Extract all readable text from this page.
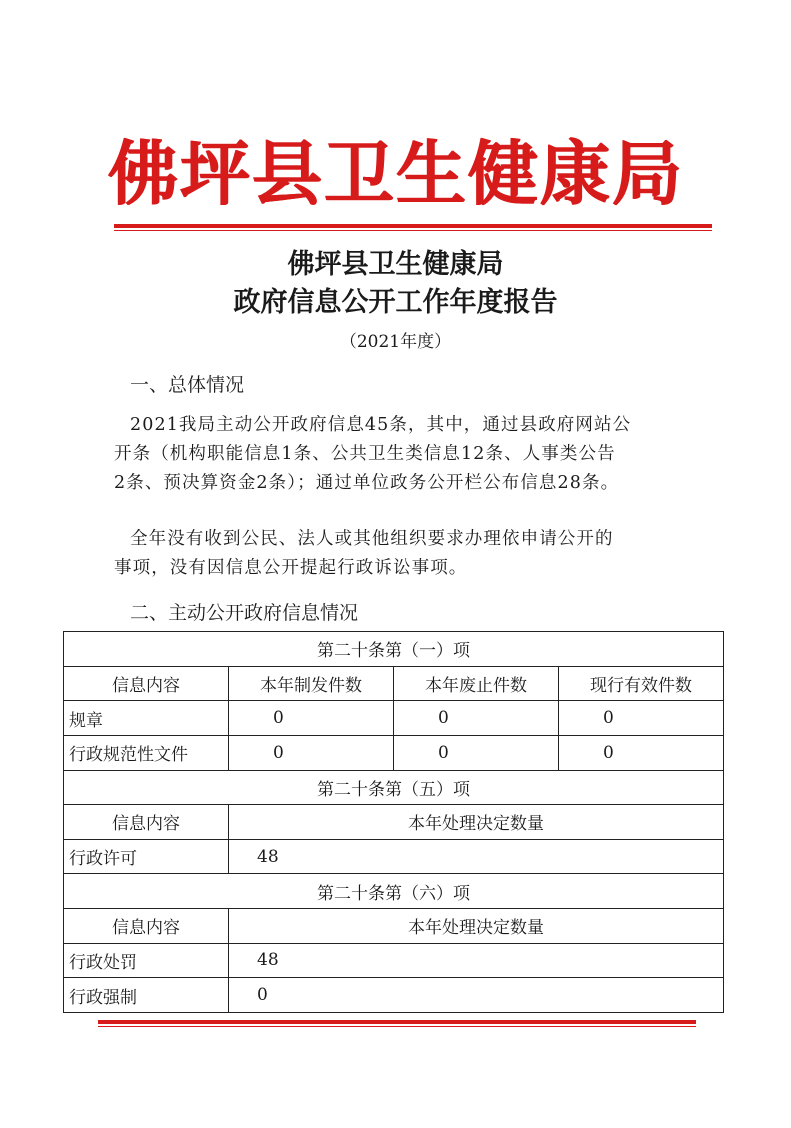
佛坪县卫生健康局
佛坪县卫生健康局
政府信息公开工作年度报告
（2021年度）
一、总体情况
2021我局主动公开政府信息45条，其中，通过县政府网站公
开条（机构职能信息1条、公共卫生类信息12条、人事类公告
2条、预决算资金2条）；通过单位政务公开栏公布信息28条。
全年没有收到公民、法人或其他组织要求办理依申请公开的
事项，没有因信息公开提起行政诉讼事项。
二、主动公开政府信息情况
第二十条第（一）项			
信息内容	本年制发件数	本年废止件数	现行有效件数
规章	0	0	0
行政规范性文件	0	0	0
第二十条第（五）项			
信息内容	本年处理决定数量		
行政许可	48		
第二十条第（六）项			
信息内容	本年处理决定数量		
行政处罚	48		
行政强制	0		
